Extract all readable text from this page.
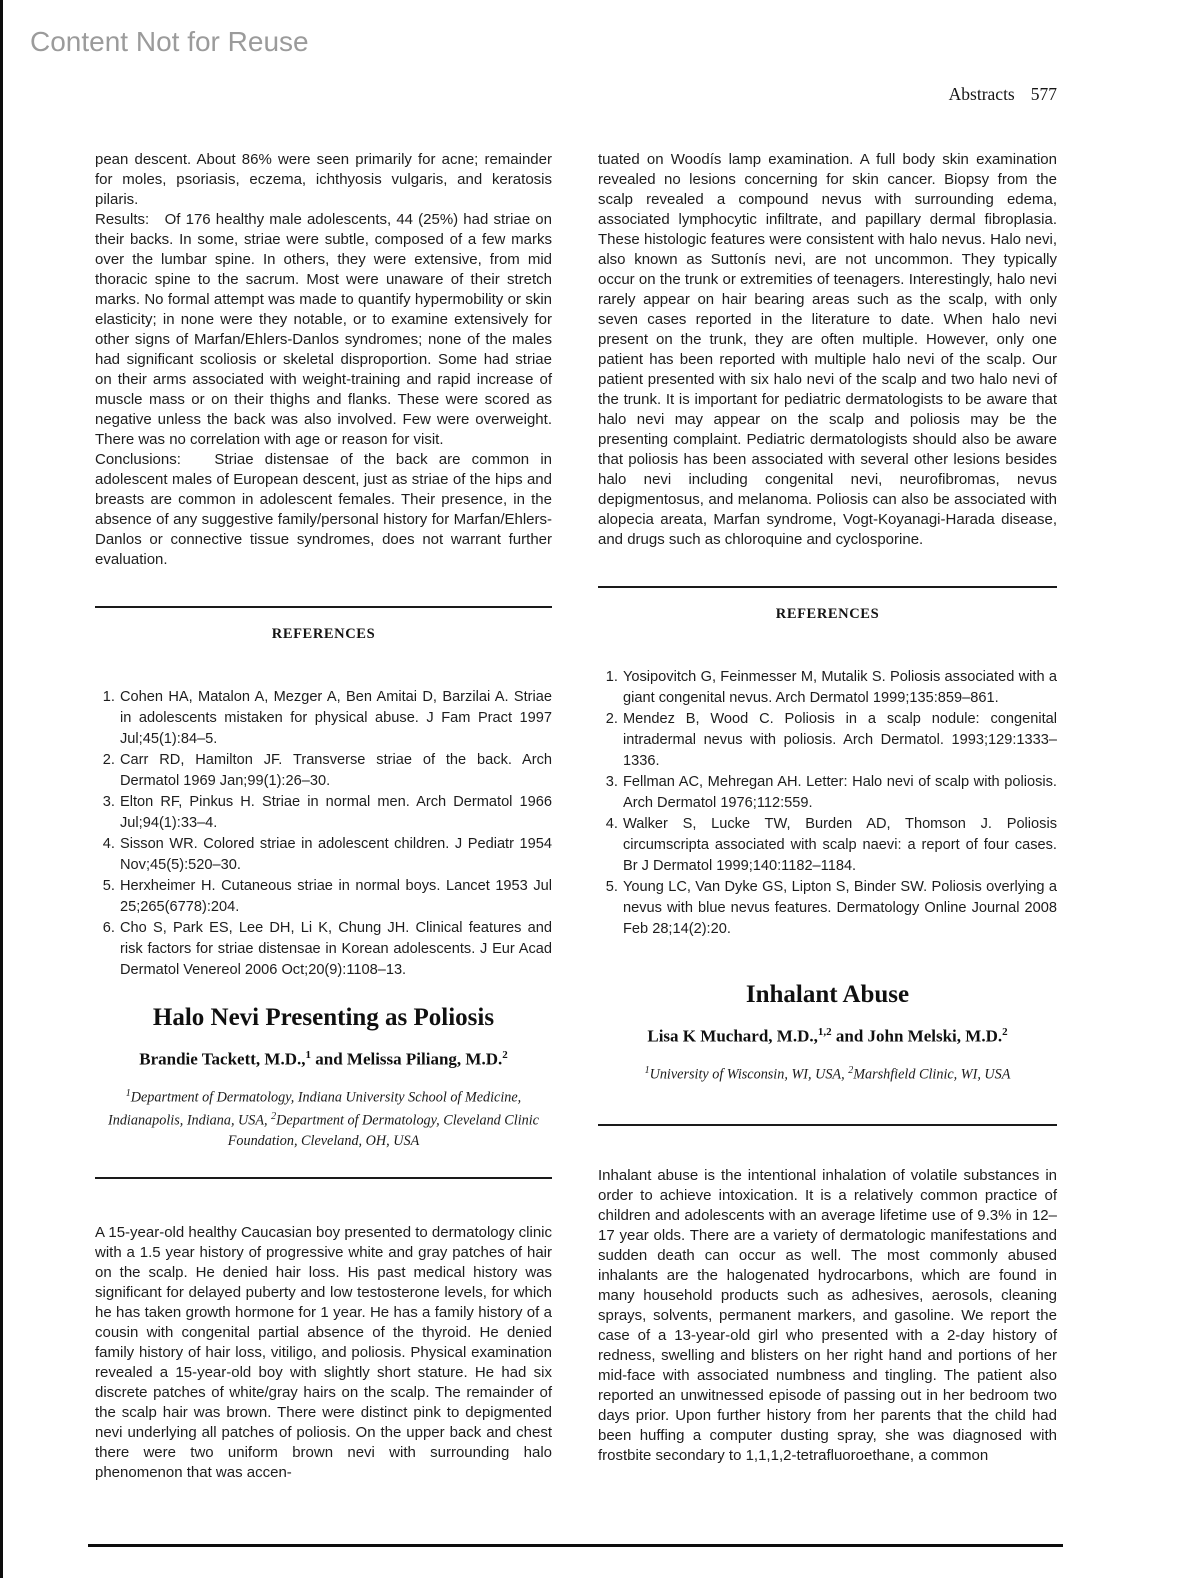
Content Not for Reuse
Abstracts 577

pean descent. About 86% were seen primarily for acne; remainder for moles, psoriasis, eczema, ichthyosis vulgaris, and keratosis pilaris.

Results:   Of 176 healthy male adolescents, 44 (25%) had striae on their backs. In some, striae were subtle, composed of a few marks over the lumbar spine. In others, they were extensive, from mid thoracic spine to the sacrum. Most were unaware of their stretch marks. No formal attempt was made to quantify hypermobility or skin elasticity; in none were they notable, or to examine extensively for other signs of Marfan/Ehlers-Danlos syndromes; none of the males had significant scoliosis or skeletal disproportion. Some had striae on their arms associated with weight-training and rapid increase of muscle mass or on their thighs and flanks. These were scored as negative unless the back was also involved. Few were overweight. There was no correlation with age or reason for visit.

Conclusions:   Striae distensae of the back are common in adolescent males of European descent, just as striae of the hips and breasts are common in adolescent females. Their presence, in the absence of any suggestive family/personal history for Marfan/Ehlers-Danlos or connective tissue syndromes, does not warrant further evaluation.

REFERENCES
1. Cohen HA, Matalon A, Mezger A, Ben Amitai D, Barzilai A. Striae in adolescents mistaken for physical abuse. J Fam Pract 1997 Jul;45(1):84–5.
2. Carr RD, Hamilton JF. Transverse striae of the back. Arch Dermatol 1969 Jan;99(1):26–30.
3. Elton RF, Pinkus H. Striae in normal men. Arch Dermatol 1966 Jul;94(1):33–4.
4. Sisson WR. Colored striae in adolescent children. J Pediatr 1954 Nov;45(5):520–30.
5. Herxheimer H. Cutaneous striae in normal boys. Lancet 1953 Jul 25;265(6778):204.
6. Cho S, Park ES, Lee DH, Li K, Chung JH. Clinical features and risk factors for striae distensae in Korean adolescents. J Eur Acad Dermatol Venereol 2006 Oct;20(9):1108–13.
Halo Nevi Presenting as Poliosis
Brandie Tackett, M.D.,$^1$ and Melissa Piliang, M.D.$^2$
$^1$Department of Dermatology, Indiana University School of Medicine, Indianapolis, Indiana, USA, $^2$Department of Dermatology, Cleveland Clinic Foundation, Cleveland, OH, USA

A 15-year-old healthy Caucasian boy presented to dermatology clinic with a 1.5 year history of progressive white and gray patches of hair on the scalp. He denied hair loss. His past medical history was significant for delayed puberty and low testosterone levels, for which he has taken growth hormone for 1 year. He has a family history of a cousin with congenital partial absence of the thyroid. He denied family history of hair loss, vitiligo, and poliosis. Physical examination revealed a 15-year-old boy with slightly short stature. He had six discrete patches of white/gray hairs on the scalp. The remainder of the scalp hair was brown. There were distinct pink to depigmented nevi underlying all patches of poliosis. On the upper back and chest there were two uniform brown nevi with surrounding halo phenomenon that was accen-

tuated on Woodís lamp examination. A full body skin examination revealed no lesions concerning for skin cancer. Biopsy from the scalp revealed a compound nevus with surrounding edema, associated lymphocytic infiltrate, and papillary dermal fibroplasia. These histologic features were consistent with halo nevus. Halo nevi, also known as Suttonís nevi, are not uncommon. They typically occur on the trunk or extremities of teenagers. Interestingly, halo nevi rarely appear on hair bearing areas such as the scalp, with only seven cases reported in the literature to date. When halo nevi present on the trunk, they are often multiple. However, only one patient has been reported with multiple halo nevi of the scalp. Our patient presented with six halo nevi of the scalp and two halo nevi of the trunk. It is important for pediatric dermatologists to be aware that halo nevi may appear on the scalp and poliosis may be the presenting complaint. Pediatric dermatologists should also be aware that poliosis has been associated with several other lesions besides halo nevi including congenital nevi, neurofibromas, nevus depigmentosus, and melanoma. Poliosis can also be associated with alopecia areata, Marfan syndrome, Vogt-Koyanagi-Harada disease, and drugs such as chloroquine and cyclosporine.

REFERENCES
1. Yosipovitch G, Feinmesser M, Mutalik S. Poliosis associated with a giant congenital nevus. Arch Dermatol 1999;135:859–861.
2. Mendez B, Wood C. Poliosis in a scalp nodule: congenital intradermal nevus with poliosis. Arch Dermatol. 1993;129:1333–1336.
3. Fellman AC, Mehregan AH. Letter: Halo nevi of scalp with poliosis. Arch Dermatol 1976;112:559.
4. Walker S, Lucke TW, Burden AD, Thomson J. Poliosis circumscripta associated with scalp naevi: a report of four cases. Br J Dermatol 1999;140:1182–1184.
5. Young LC, Van Dyke GS, Lipton S, Binder SW. Poliosis overlying a nevus with blue nevus features. Dermatology Online Journal 2008 Feb 28;14(2):20.
Inhalant Abuse
Lisa K Muchard, M.D.,$^{1,2}$ and John Melski, M.D.$^2$
$^1$University of Wisconsin, WI, USA, $^2$Marshfield Clinic, WI, USA

Inhalant abuse is the intentional inhalation of volatile substances in order to achieve intoxication. It is a relatively common practice of children and adolescents with an average lifetime use of 9.3% in 12–17 year olds. There are a variety of dermatologic manifestations and sudden death can occur as well. The most commonly abused inhalants are the halogenated hydrocarbons, which are found in many household products such as adhesives, aerosols, cleaning sprays, solvents, permanent markers, and gasoline. We report the case of a 13-year-old girl who presented with a 2-day history of redness, swelling and blisters on her right hand and portions of her mid-face with associated numbness and tingling. The patient also reported an unwitnessed episode of passing out in her bedroom two days prior. Upon further history from her parents that the child had been huffing a computer dusting spray, she was diagnosed with frostbite secondary to 1,1,1,2-tetrafluoroethane, a common
